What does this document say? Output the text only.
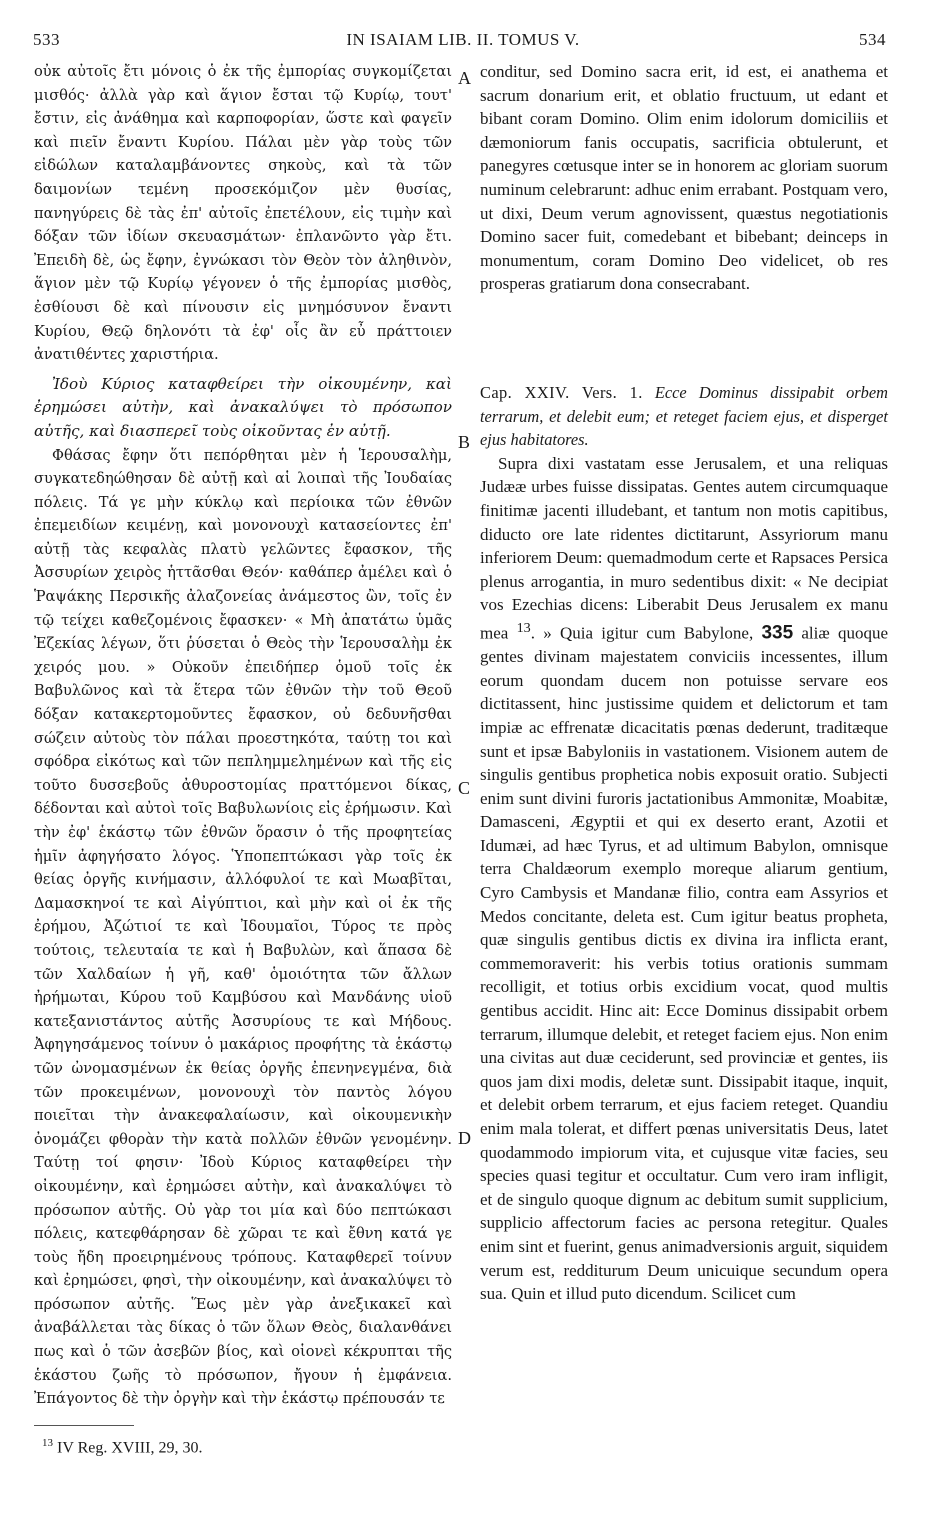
533	IN ISAIAM LIB. II. TOMUS V.	534

οὐκ αὐτοῖς ἔτι μόνοις ὁ ἐκ τῆς ἐμπορίας συγκομίζεται μισθός· ἀλλὰ γὰρ καὶ ἅγιον ἔσται τῷ Κυρίῳ, τουτ' ἔστιν, εἰς ἀνάθημα καὶ καρποφορίαν, ὥστε καὶ φαγεῖν καὶ πιεῖν ἔναντι Κυρίου. Πάλαι μὲν γὰρ τοὺς τῶν εἰδώλων καταλαμβάνοντες σηκοὺς, καὶ τὰ τῶν δαιμονίων τεμένη προσεκόμιζον μὲν θυσίας, πανηγύρεις δὲ τὰς ἐπ' αὐτοῖς ἐπετέλουν, εἰς τιμὴν καὶ δόξαν τῶν ἰδίων σκευασμάτων· ἐπλανῶντο γὰρ ἔτι. Ἐπειδὴ δὲ, ὡς ἔφην, ἐγνώκασι τὸν Θεὸν τὸν ἀληθινὸν, ἅγιον μὲν τῷ Κυρίῳ γέγονεν ὁ τῆς ἐμπορίας μισθὸς, ἐσθίουσι δὲ καὶ πίνουσιν εἰς μνημόσυνον ἔναντι Κυρίου, Θεῷ δηλονότι τὰ ἐφ' οἷς ἂν εὖ πράττοιεν ἀνατιθέντες χαριστήρια.

Ἰδοὺ Κύριος καταφθείρει τὴν οἰκουμένην, καὶ ἐρημώσει αὐτὴν, καὶ ἀνακαλύψει τὸ πρόσωπον αὐτῆς, καὶ διασπερεῖ τοὺς οἰκοῦντας ἐν αὐτῇ.

Φθάσας ἔφην ὅτι πεπόρθηται μὲν ἡ Ἱερουσαλὴμ, συγκατεδηώθησαν δὲ αὐτῇ καὶ αἱ λοιπαὶ τῆς Ἰουδαίας πόλεις. Τά γε μὴν κύκλῳ καὶ περίοικα τῶν ἐθνῶν ἐπεμειδίων κειμένῃ, καὶ μονονουχὶ κατασείοντες ἐπ' αὐτῇ τὰς κεφαλὰς πλατὺ γελῶντες ἔφασκον, τῆς Ἀσσυρίων χειρὸς ἡττᾶσθαι Θεόν· καθάπερ ἀμέλει καὶ ὁ Ῥαψάκης Περσικῆς ἀλαζονείας ἀνάμεστος ὢν, τοῖς ἐν τῷ τείχει καθεζομένοις ἔφασκεν· « Μὴ ἀπατάτω ὑμᾶς Ἐζεκίας λέγων, ὅτι ῥύσεται ὁ Θεὸς τὴν Ἱερουσαλὴμ ἐκ χειρός μου. » Οὐκοῦν ἐπειδήπερ ὁμοῦ τοῖς ἐκ Βαβυλῶνος καὶ τὰ ἕτερα τῶν ἐθνῶν τὴν τοῦ Θεοῦ δόξαν κατακερτομοῦντες ἔφασκον, οὐ δεδυνῆσθαι σώζειν αὐτοὺς τὸν πάλαι προεστηκότα, ταύτῃ τοι καὶ σφόδρα εἰκότως καὶ τῶν πεπλημμελημένων καὶ τῆς εἰς τοῦτο δυσσεβοῦς ἀθυροστομίας πραττόμενοι δίκας, δέδονται καὶ αὐτοὶ τοῖς Βαβυλωνίοις εἰς ἐρήμωσιν. Καὶ τὴν ἐφ' ἑκάστῳ τῶν ἐθνῶν ὅρασιν ὁ τῆς προφητείας ἡμῖν ἀφηγήσατο λόγος. Ὑποπεπτώκασι γὰρ τοῖς ἐκ θείας ὀργῆς κινήμασιν, ἀλλόφυλοί τε καὶ Μωαβῖται, Δαμασκηνοί τε καὶ Αἰγύπτιοι, καὶ μὴν καὶ οἱ ἐκ τῆς ἐρήμου, Ἀζώτιοί τε καὶ Ἰδουμαῖοι, Τύρος τε πρὸς τούτοις, τελευταία τε καὶ ἡ Βαβυλὼν, καὶ ἅπασα δὲ τῶν Χαλδαίων ἡ γῆ, καθ' ὁμοιότητα τῶν ἄλλων ἠρήμωται, Κύρου τοῦ Καμβύσου καὶ Μανδάνης υἱοῦ κατεξανιστάντος αὐτῆς Ἀσσυρίους τε καὶ Μήδους. Ἀφηγησάμενος τοίνυν ὁ μακάριος προφήτης τὰ ἑκάστῳ τῶν ὠνομασμένων ἐκ θείας ὀργῆς ἐπενηνεγμένα, διὰ τῶν προκειμένων, μονονουχὶ τὸν παντὸς λόγου ποιεῖται τὴν ἀνακεφαλαίωσιν, καὶ οἰκουμενικὴν ὀνομάζει φθορὰν τὴν κατὰ πολλῶν ἐθνῶν γενομένην. Ταύτῃ τοί φησιν· Ἰδοὺ Κύριος καταφθείρει τὴν οἰκουμένην, καὶ ἐρημώσει αὐτὴν, καὶ ἀνακαλύψει τὸ πρόσωπον αὐτῆς. Οὐ γὰρ τοι μία καὶ δύο πεπτώκασι πόλεις, κατεφθάρησαν δὲ χῶραι τε καὶ ἔθνη κατά γε τοὺς ἤδη προειρημένους τρόπους. Καταφθερεῖ τοίνυν καὶ ἐρημώσει, φησὶ, τὴν οἰκουμένην, καὶ ἀνακαλύψει τὸ πρόσωπον αὐτῆς. Ἕως μὲν γὰρ ἀνεξικακεῖ καὶ ἀναβάλλεται τὰς δίκας ὁ τῶν ὅλων Θεὸς, διαλανθάνει πως καὶ ὁ τῶν ἀσεβῶν βίος, καὶ οἱονεὶ κέκρυπται τῆς ἑκάστου ζωῆς τὸ πρόσωπον, ἤγουν ἡ ἐμφάνεια. Ἐπάγοντος δὲ τὴν ὀργὴν καὶ τὴν ἑκάστῳ πρέπουσάν τε

conditur, sed Domino sacra erit, id est, ei anathema et sacrum donarium erit, et oblatio fructuum, ut edant et bibant coram Domino. Olim enim idolorum domiciliis et dæmoniorum fanis occupatis, sacrificia obtulerunt, et panegyres cœtusque inter se in honorem ac gloriam suorum numinum celebrarunt: adhuc enim errabant. Postquam vero, ut dixi, Deum verum agnovissent, quæstus negotiationis Domino sacer fuit, comedebant et bibebant; deinceps in monumentum, coram Domino Deo videlicet, ob res prosperas gratiarum dona consecrabant.

Cap. XXIV. Vers. 1. Ecce Dominus dissipabit orbem terrarum, et delebit eum; et reteget faciem ejus, et disperget ejus habitatores.

Supra dixi vastatam esse Jerusalem, et una reliquas Judææ urbes fuisse dissipatas. Gentes autem circumquaque finitimæ jacenti illudebant, et tantum non motis capitibus, diducto ore late ridentes dictitarunt, Assyriorum manu inferiorem Deum: quemadmodum certe et Rapsaces Persica plenus arrogantia, in muro sedentibus dixit: « Ne decipiat vos Ezechias dicens: Liberabit Deus Jerusalem ex manu mea $^{13}$. » Quia igitur cum Babylone, 335 aliæ quoque gentes divinam majestatem conviciis incessentes, illum eorum quondam ducem non potuisse servare eos dictitassent, hinc justissime quidem et delictorum et tam impiæ ac effrenatæ dicacitatis pœnas dederunt, traditæque sunt et ipsæ Babyloniis in vastationem. Visionem autem de singulis gentibus prophetica nobis exposuit oratio. Subjecti enim sunt divini furoris jactationibus Ammonitæ, Moabitæ, Damasceni, Ægyptii et qui ex deserto erant, Azotii et Idumæi, ad hæc Tyrus, et ad ultimum Babylon, omnisque terra Chaldæorum exemplo moreque aliarum gentium, Cyro Cambysis et Mandanæ filio, contra eam Assyrios et Medos concitante, deleta est. Cum igitur beatus propheta, quæ singulis gentibus dictis ex divina ira inflicta erant, commemoraverit: his verbis totius orationis summam recolligit, et totius orbis excidium vocat, quod multis gentibus accidit. Hinc ait: Ecce Dominus dissipabit orbem terrarum, illumque delebit, et reteget faciem ejus. Non enim una civitas aut duæ ceciderunt, sed provinciæ et gentes, iis quos jam dixi modis, deletæ sunt. Dissipabit itaque, inquit, et delebit orbem terrarum, et ejus faciem reteget. Quandiu enim mala tolerat, et differt pœnas universitatis Deus, latet quodammodo impiorum vita, et cujusque vitæ facies, seu species quasi tegitur et occultatur. Cum vero iram infligit, et de singulo quoque dignum ac debitum sumit supplicium, supplicio affectorum facies ac persona retegitur. Quales enim sint et fuerint, genus animadversionis arguit, siquidem verum est, redditurum Deum unicuique secundum opera sua. Quin et illud puto dicendum. Scilicet cum

A
B
C
D
$^{13}$ IV Reg. XVIII, 29, 30.
